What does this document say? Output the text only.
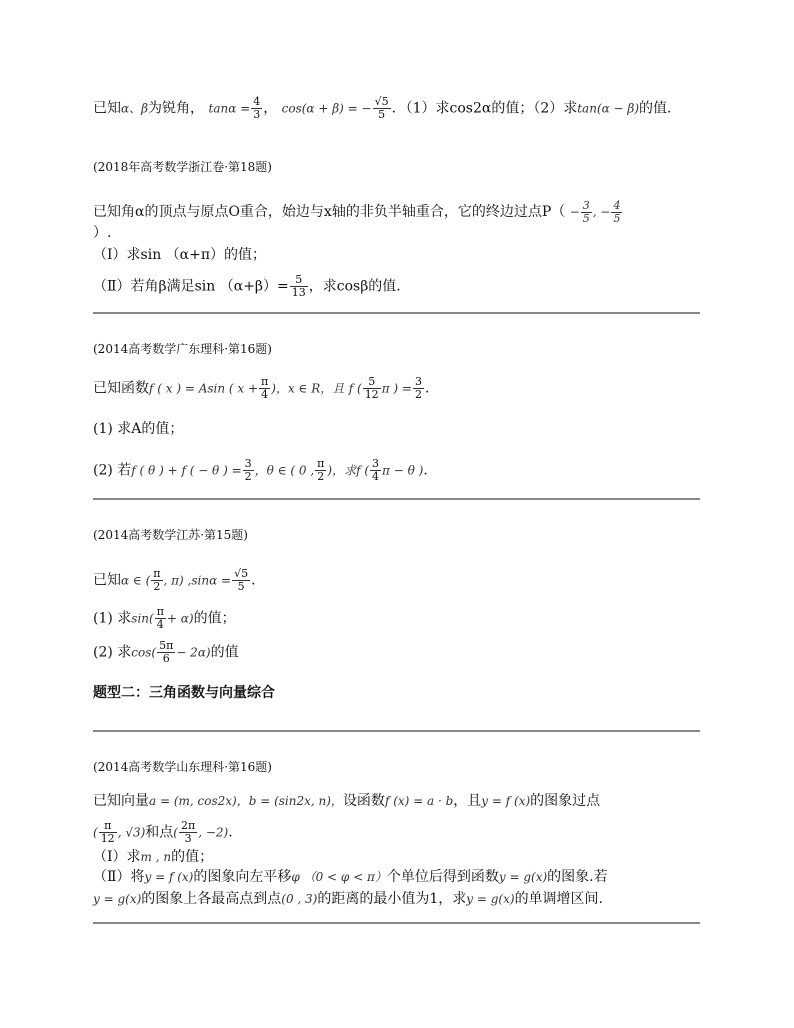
已知α、β为锐角， $\tan\alpha = \frac{4}{3}$ ， cos(α + β) = − $\frac{√5}{5}$ ．（1）求cos2α的值；（2）求tan(α − β)的值.
(2018年高考数学浙江卷·第18题)
已知角α的顶点与原点O重合，始边与x轴的非负半轴重合，它的终边过点$P( - \frac{3}{5}$ , − $\frac{4}{5}$
）.
（Ⅰ）求sin （α+π）的值；
（Ⅱ）若角β满足$\sin (\alpha+\beta)= \frac{5}{13}$ ，求cosβ的值.
(2014高考数学广东理科·第16题)
已知函数f ( x ) = Asin ( $x + \frac{\pi}{4}$ )，x ∈ R，且 f ( $\frac{5}{12}$ π ) = $\frac{3}{2}$ .
(1) 求A的值；
(2) 若f ( θ ) + f ( − θ ) = $\frac{3}{2}$ ，θ ∈ ( 0 , $\frac{\pi}{2}$ )，求f ( $\frac{3}{4}$ π − θ ).
(2014高考数学江苏·第15题)
已知α ∈ ( $\frac{\pi}{2}$ , π) $,\sin\alpha = \frac{√5}{5}$ .
(1) 求$\sin( \frac{\pi}{4} + \alpha)$的值；
(2) 求$\cos( \frac{5\pi}{6} - 2\alpha)$的值
题型二：三角函数与向量综合
(2014高考数学山东理科·第16题)
已知向量a = (m, cos2x)，b = (sin2x, n)，设函数f (x) = a · b，且y = f (x)的图象过点
( $\frac{\pi}{12}$ , √3)和点( $\frac{2\pi}{3}$ , −2).
（Ⅰ）求m , n的值；
（Ⅱ）将y = f (x)的图象向左平移φ （0 < φ < π）个单位后得到函数y = g(x)的图象.若
y = g(x)的图象上各最高点到点(0 , 3)的距离的最小值为1，求y = g(x)的单调增区间.
